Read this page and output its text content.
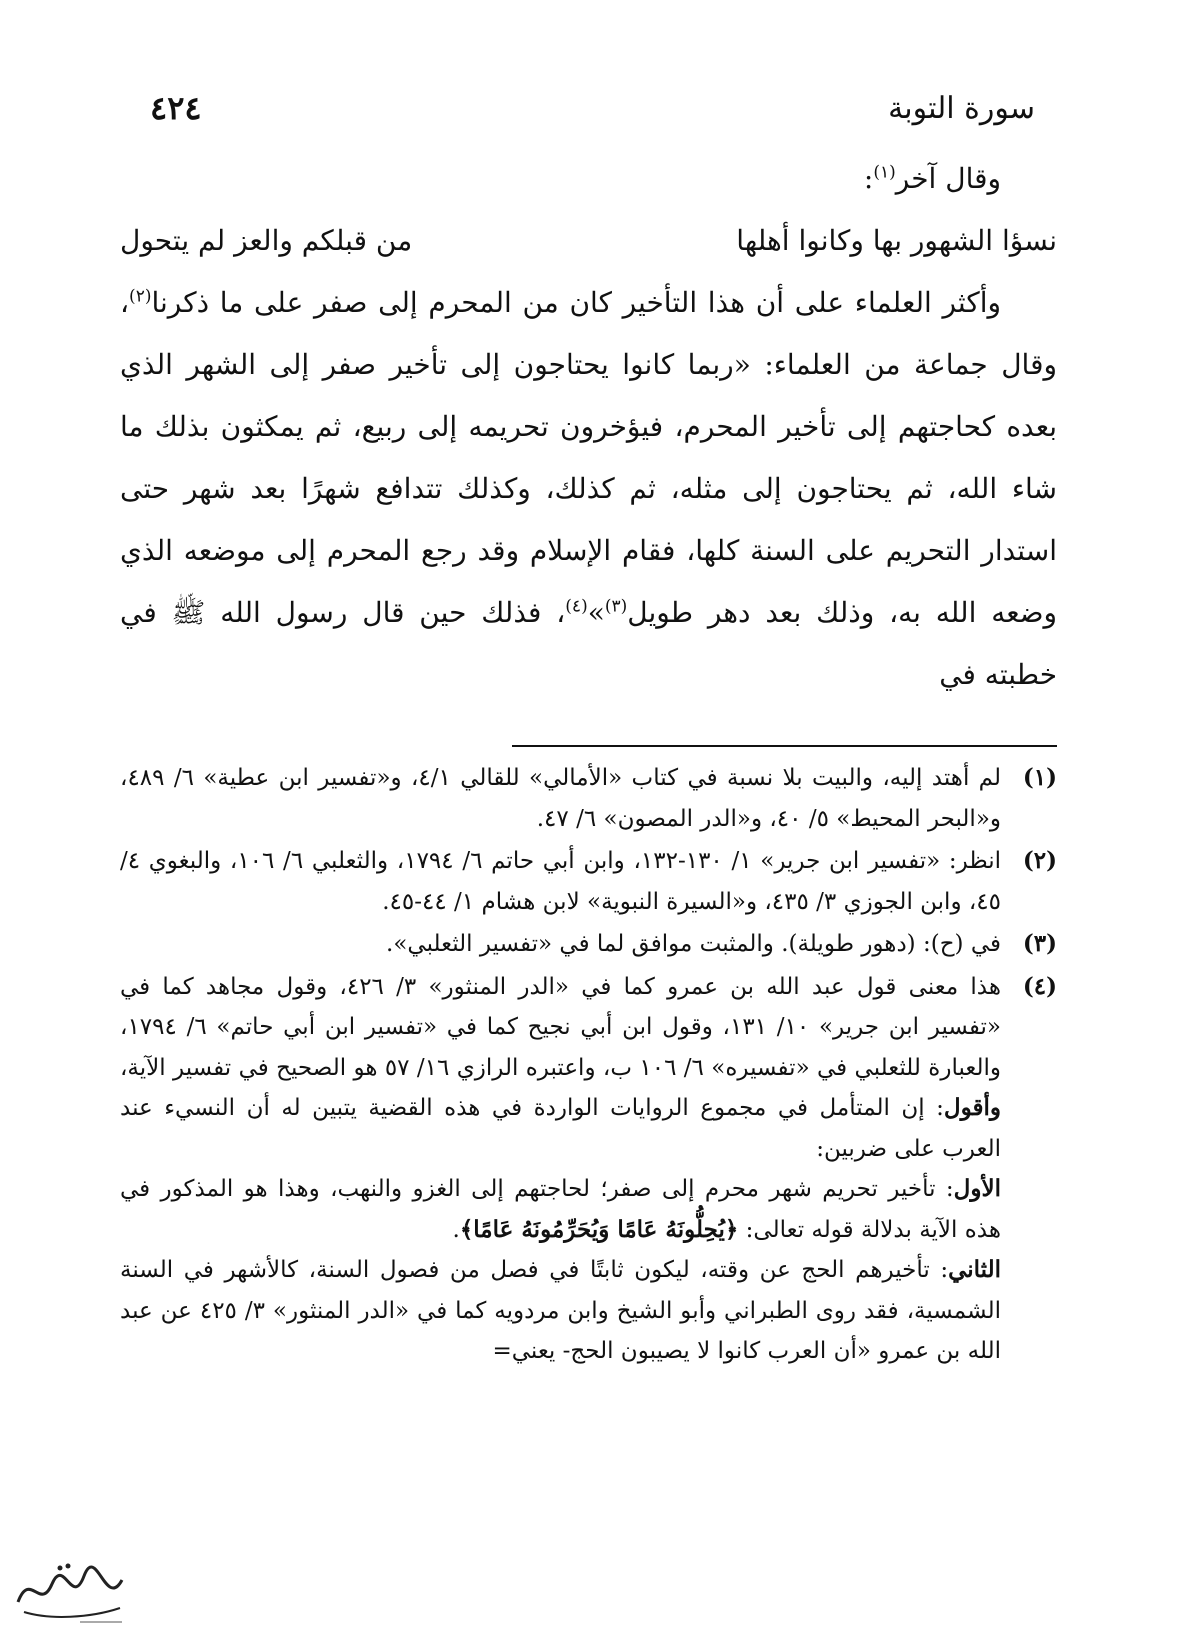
سورة التوبة
٤٢٤

وقال آخر$^{(١)}$:

نسؤا الشهور بها وكانوا أهلها
من قبلكم والعز لم يتحول

وأكثر العلماء على أن هذا التأخير كان من المحرم إلى صفر على ما ذكرنا$^{(٢)}$، وقال جماعة من العلماء: «ربما كانوا يحتاجون إلى تأخير صفر إلى الشهر الذي بعده كحاجتهم إلى تأخير المحرم، فيؤخرون تحريمه إلى ربيع، ثم يمكثون بذلك ما شاء الله، ثم يحتاجون إلى مثله، ثم كذلك، وكذلك تتدافع شهرًا بعد شهر حتى استدار التحريم على السنة كلها، فقام الإسلام وقد رجع المحرم إلى موضعه الذي وضعه الله به، وذلك بعد دهر طويل$^{(٣)}$»$^{(٤)}$، فذلك حين قال رسول الله ﷺ في خطبته في

(١)

لم أهتد إليه، والبيت بلا نسبة في كتاب «الأمالي» للقالي ٤/١، و«تفسير ابن عطية» ٦/ ٤٨٩، و«البحر المحيط» ٥/ ٤٠، و«الدر المصون» ٦/ ٤٧.

(٢)

انظر: «تفسير ابن جرير» ١/ ١٣٠-١٣٢، وابن أبي حاتم ٦/ ١٧٩٤، والثعلبي ٦/ ١٠٦، والبغوي ٤/ ٤٥، وابن الجوزي ٣/ ٤٣٥، و«السيرة النبوية» لابن هشام ١/ ٤٤-٤٥.

(٣)

في (ح): (دهور طويلة). والمثبت موافق لما في «تفسير الثعلبي».

(٤)

هذا معنى قول عبد الله بن عمرو كما في «الدر المنثور» ٣/ ٤٢٦، وقول مجاهد كما في «تفسير ابن جرير» ١٠/ ١٣١، وقول ابن أبي نجيح كما في «تفسير ابن أبي حاتم» ٦/ ١٧٩٤، والعبارة للثعلبي في «تفسيره» ٦/ ١٠٦ ب، واعتبره الرازي ١٦/ ٥٧ هو الصحيح في تفسير الآية، وأقول: إن المتأمل في مجموع الروايات الواردة في هذه القضية يتبين له أن النسيء عند العرب على ضربين:

الأول: تأخير تحريم شهر محرم إلى صفر؛ لحاجتهم إلى الغزو والنهب، وهذا هو المذكور في هذه الآية بدلالة قوله تعالى: ﴿يُحِلُّونَهُ عَامًا وَيُحَرِّمُونَهُ عَامًا﴾.

الثاني: تأخيرهم الحج عن وقته، ليكون ثابتًا في فصل من فصول السنة، كالأشهر في السنة الشمسية، فقد روى الطبراني وأبو الشيخ وابن مردويه كما في «الدر المنثور» ٣/ ٤٢٥ عن عبد الله بن عمرو «أن العرب كانوا لا يصيبون الحج- يعني=
